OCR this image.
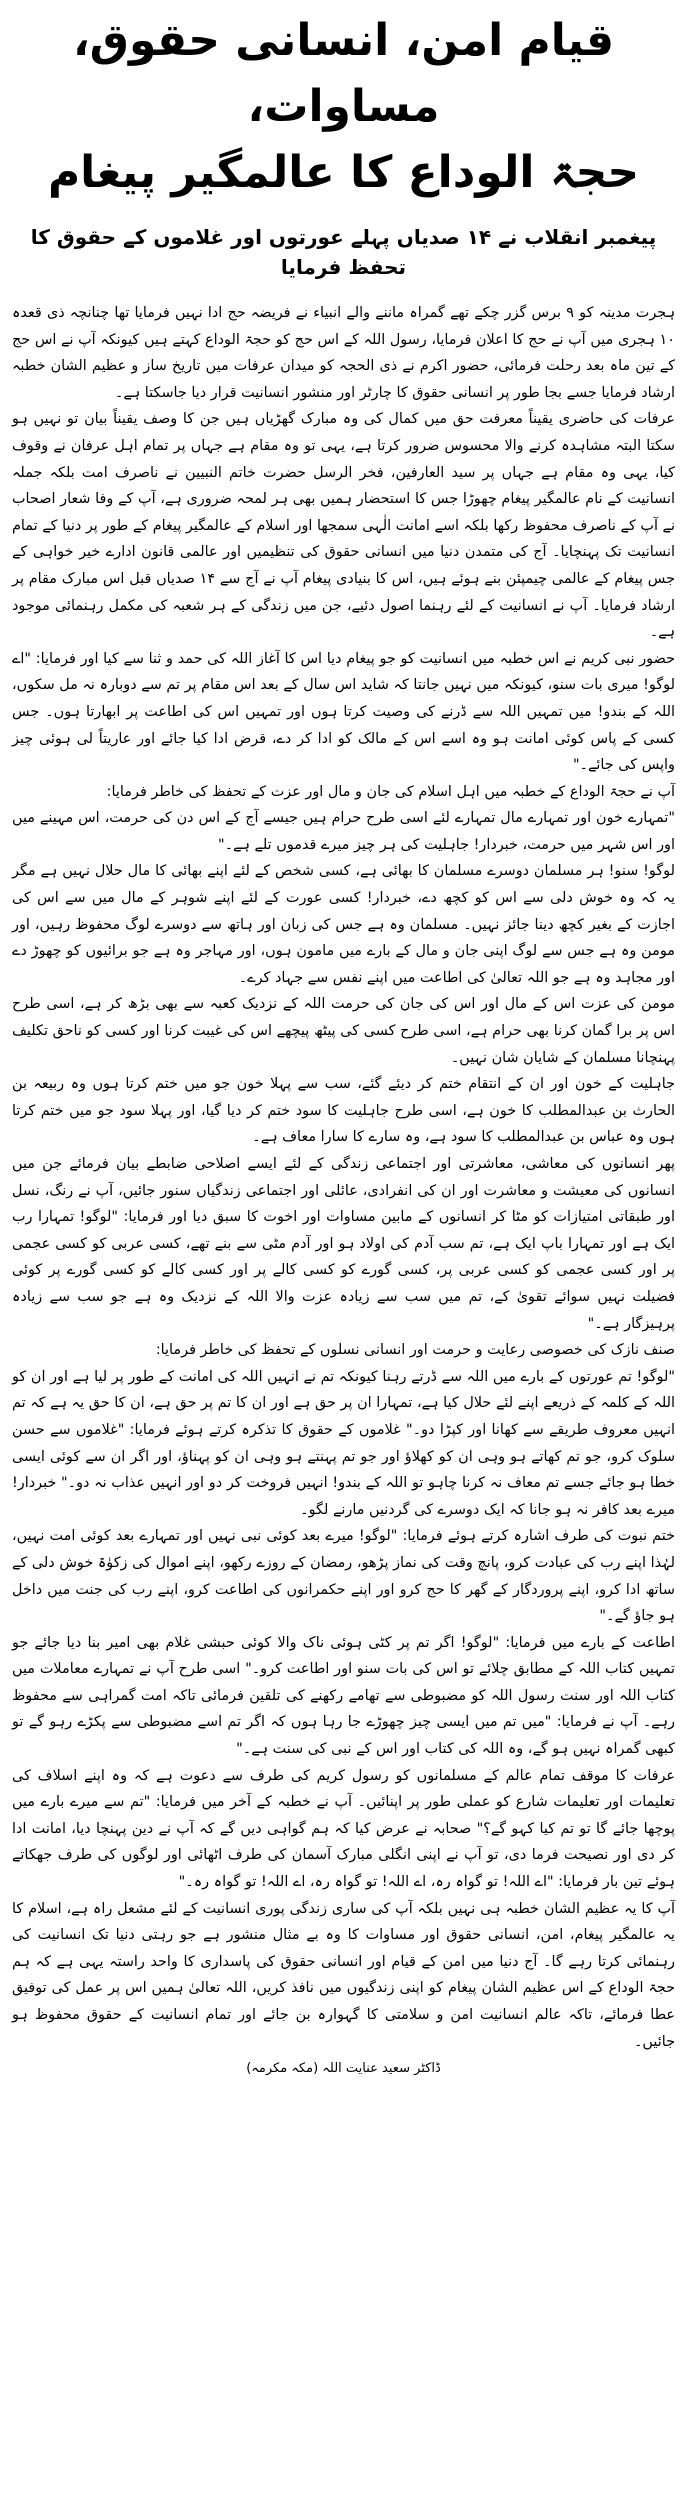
قیام امن، انسانی حقوق، مساوات،
حجۃ الوداع کا عالمگیر پیغام
پیغمبر انقلاب نے ۱۴ صدیاں پہلے عورتوں اور غلاموں کے حقوق کا تحفظ فرمایا

ہجرت مدینہ کو ۹ برس گزر چکے تھے گمراہ ماننے والے انبیاء نے فریضہ حج ادا نہیں فرمایا تھا چنانچہ ذی قعدہ ۱۰ ہجری میں آپ نے حج کا اعلان فرمایا، رسول اللہ کے اس حج کو حجۃ الوداع کہتے ہیں کیونکہ آپ نے اس حج کے تین ماہ بعد رحلت فرمائی، حضور اکرم نے ذی الحجہ کو میدان عرفات میں تاریخ ساز و عظیم الشان خطبہ ارشاد فرمایا جسے بجا طور پر انسانی حقوق کا چارٹر اور منشور انسانیت قرار دیا جاسکتا ہے۔

عرفات کی حاضری یقیناً معرفت حق میں کمال کی وہ مبارک گھڑیاں ہیں جن کا وصف یقیناً بیان تو نہیں ہو سکتا البتہ مشاہدہ کرنے والا محسوس ضرور کرتا ہے، یہی تو وہ مقام ہے جہاں پر تمام اہل عرفان نے وقوف کیا، یہی وہ مقام ہے جہاں پر سید العارفین، فخر الرسل حضرت خاتم النبیین نے ناصرف امت بلکہ جملہ انسانیت کے نام عالمگیر پیغام چھوڑا جس کا استحضار ہمیں بھی ہر لمحہ ضروری ہے، آپ کے وفا شعار اصحاب نے آپ کے ناصرف محفوظ رکھا بلکہ اسے امانت الٰہی سمجھا اور اسلام کے عالمگیر پیغام کے طور پر دنیا کے تمام انسانیت تک پہنچایا۔ آج کی متمدن دنیا میں انسانی حقوق کی تنظیمیں اور عالمی قانون ادارے خیر خواہی کے جس پیغام کے عالمی چیمپئن بنے ہوئے ہیں، اس کا بنیادی پیغام آپ نے آج سے ۱۴ صدیاں قبل اس مبارک مقام پر ارشاد فرمایا۔ آپ نے انسانیت کے لئے رہنما اصول دئیے، جن میں زندگی کے ہر شعبہ کی مکمل رہنمائی موجود ہے۔

حضور نبی کریم نے اس خطبہ میں انسانیت کو جو پیغام دیا اس کا آغاز اللہ کی حمد و ثنا سے کیا اور فرمایا: "اے لوگو! میری بات سنو، کیونکہ میں نہیں جانتا کہ شاید اس سال کے بعد اس مقام پر تم سے دوبارہ نہ مل سکوں، اللہ کے بندو! میں تمہیں اللہ سے ڈرنے کی وصیت کرتا ہوں اور تمہیں اس کی اطاعت پر ابھارتا ہوں۔ جس کسی کے پاس کوئی امانت ہو وہ اسے اس کے مالک کو ادا کر دے، قرض ادا کیا جائے اور عاریتاً لی ہوئی چیز واپس کی جائے۔"

آپ نے حجۃ الوداع کے خطبہ میں اہل اسلام کی جان و مال اور عزت کے تحفظ کی خاطر فرمایا:

"تمہارے خون اور تمہارے مال تمہارے لئے اسی طرح حرام ہیں جیسے آج کے اس دن کی حرمت، اس مہینے میں اور اس شہر میں حرمت، خبردار! جاہلیت کی ہر چیز میرے قدموں تلے ہے۔"

لوگو! سنو! ہر مسلمان دوسرے مسلمان کا بھائی ہے، کسی شخص کے لئے اپنے بھائی کا مال حلال نہیں ہے مگر یہ کہ وہ خوش دلی سے اس کو کچھ دے، خبردار! کسی عورت کے لئے اپنے شوہر کے مال میں سے اس کی اجازت کے بغیر کچھ دینا جائز نہیں۔ مسلمان وہ ہے جس کی زبان اور ہاتھ سے دوسرے لوگ محفوظ رہیں، اور مومن وہ ہے جس سے لوگ اپنی جان و مال کے بارے میں مامون ہوں، اور مہاجر وہ ہے جو برائیوں کو چھوڑ دے اور مجاہد وہ ہے جو اللہ تعالیٰ کی اطاعت میں اپنے نفس سے جہاد کرے۔

مومن کی عزت اس کے مال اور اس کی جان کی حرمت اللہ کے نزدیک کعبہ سے بھی بڑھ کر ہے، اسی طرح اس پر برا گمان کرنا بھی حرام ہے، اسی طرح کسی کی پیٹھ پیچھے اس کی غیبت کرنا اور کسی کو ناحق تکلیف پہنچانا مسلمان کے شایان شان نہیں۔

جاہلیت کے خون اور ان کے انتقام ختم کر دیئے گئے، سب سے پہلا خون جو میں ختم کرتا ہوں وہ ربیعہ بن الحارث بن عبدالمطلب کا خون ہے، اسی طرح جاہلیت کا سود ختم کر دیا گیا، اور پہلا سود جو میں ختم کرتا ہوں وہ عباس بن عبدالمطلب کا سود ہے، وہ سارے کا سارا معاف ہے۔

پھر انسانوں کی معاشی، معاشرتی اور اجتماعی زندگی کے لئے ایسے اصلاحی ضابطے بیان فرمائے جن میں انسانوں کی معیشت و معاشرت اور ان کی انفرادی، عائلی اور اجتماعی زندگیاں سنور جائیں، آپ نے رنگ، نسل اور طبقاتی امتیازات کو مٹا کر انسانوں کے مابین مساوات اور اخوت کا سبق دیا اور فرمایا: "لوگو! تمہارا رب ایک ہے اور تمہارا باپ ایک ہے، تم سب آدم کی اولاد ہو اور آدم مٹی سے بنے تھے، کسی عربی کو کسی عجمی پر اور کسی عجمی کو کسی عربی پر، کسی گورے کو کسی کالے پر اور کسی کالے کو کسی گورے پر کوئی فضیلت نہیں سوائے تقویٰ کے، تم میں سب سے زیادہ عزت والا اللہ کے نزدیک وہ ہے جو سب سے زیادہ پرہیزگار ہے۔"

صنف نازک کی خصوصی رعایت و حرمت اور انسانی نسلوں کے تحفظ کی خاطر فرمایا:

"لوگو! تم عورتوں کے بارے میں اللہ سے ڈرتے رہنا کیونکہ تم نے انہیں اللہ کی امانت کے طور پر لیا ہے اور ان کو اللہ کے کلمہ کے ذریعے اپنے لئے حلال کیا ہے، تمہارا ان پر حق ہے اور ان کا تم پر حق ہے، ان کا حق یہ ہے کہ تم انہیں معروف طریقے سے کھانا اور کپڑا دو۔" غلاموں کے حقوق کا تذکرہ کرتے ہوئے فرمایا: "غلاموں سے حسن سلوک کرو، جو تم کھاتے ہو وہی ان کو کھلاؤ اور جو تم پہنتے ہو وہی ان کو پہناؤ، اور اگر ان سے کوئی ایسی خطا ہو جائے جسے تم معاف نہ کرنا چاہو تو اللہ کے بندو! انہیں فروخت کر دو اور انہیں عذاب نہ دو۔" خبردار! میرے بعد کافر نہ ہو جانا کہ ایک دوسرے کی گردنیں مارنے لگو۔

ختم نبوت کی طرف اشارہ کرتے ہوئے فرمایا: "لوگو! میرے بعد کوئی نبی نہیں اور تمہارے بعد کوئی امت نہیں، لہٰذا اپنے رب کی عبادت کرو، پانچ وقت کی نماز پڑھو، رمضان کے روزے رکھو، اپنے اموال کی زکوٰۃ خوش دلی کے ساتھ ادا کرو، اپنے پروردگار کے گھر کا حج کرو اور اپنے حکمرانوں کی اطاعت کرو، اپنے رب کی جنت میں داخل ہو جاؤ گے۔"

اطاعت کے بارے میں فرمایا: "لوگو! اگر تم پر کٹی ہوئی ناک والا کوئی حبشی غلام بھی امیر بنا دیا جائے جو تمہیں کتاب اللہ کے مطابق چلائے تو اس کی بات سنو اور اطاعت کرو۔" اسی طرح آپ نے تمہارے معاملات میں کتاب اللہ اور سنت رسول اللہ کو مضبوطی سے تھامے رکھنے کی تلقین فرمائی تاکہ امت گمراہی سے محفوظ رہے۔ آپ نے فرمایا: "میں تم میں ایسی چیز چھوڑے جا رہا ہوں کہ اگر تم اسے مضبوطی سے پکڑے رہو گے تو کبھی گمراہ نہیں ہو گے، وہ اللہ کی کتاب اور اس کے نبی کی سنت ہے۔"

عرفات کا موقف تمام عالم کے مسلمانوں کو رسول کریم کی طرف سے دعوت ہے کہ وہ اپنے اسلاف کی تعلیمات اور تعلیمات شارع کو عملی طور پر اپنائیں۔ آپ نے خطبہ کے آخر میں فرمایا: "تم سے میرے بارے میں پوچھا جائے گا تو تم کیا کہو گے؟" صحابہ نے عرض کیا کہ ہم گواہی دیں گے کہ آپ نے دین پہنچا دیا، امانت ادا کر دی اور نصیحت فرما دی، تو آپ نے اپنی انگلی مبارک آسمان کی طرف اٹھائی اور لوگوں کی طرف جھکاتے ہوئے تین بار فرمایا: "اے اللہ! تو گواہ رہ، اے اللہ! تو گواہ رہ، اے اللہ! تو گواہ رہ۔"

آپ کا یہ عظیم الشان خطبہ ہی نہیں بلکہ آپ کی ساری زندگی پوری انسانیت کے لئے مشعل راہ ہے، اسلام کا یہ عالمگیر پیغام، امن، انسانی حقوق اور مساوات کا وہ بے مثال منشور ہے جو رہتی دنیا تک انسانیت کی رہنمائی کرتا رہے گا۔ آج دنیا میں امن کے قیام اور انسانی حقوق کی پاسداری کا واحد راستہ یہی ہے کہ ہم حجۃ الوداع کے اس عظیم الشان پیغام کو اپنی زندگیوں میں نافذ کریں، اللہ تعالیٰ ہمیں اس پر عمل کی توفیق عطا فرمائے، تاکہ عالم انسانیت امن و سلامتی کا گہوارہ بن جائے اور تمام انسانیت کے حقوق محفوظ ہو جائیں۔

ڈاکٹر سعید عنایت اللہ (مکہ مکرمہ)
